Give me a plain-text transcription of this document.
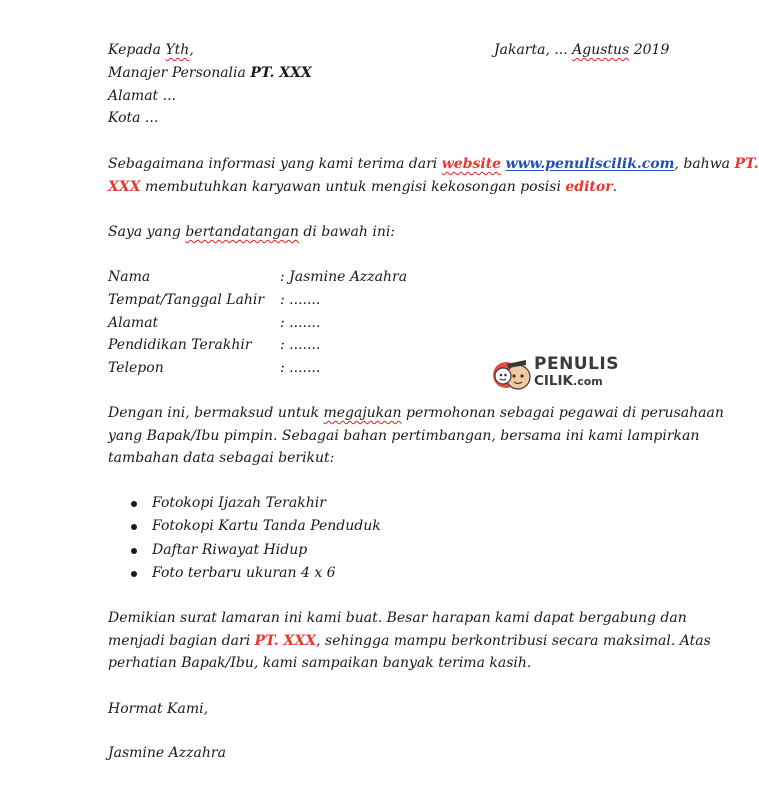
Kepada Yth,	Jakarta, ... Agustus 2019
Manajer Personalia PT. XXX
Alamat ...
Kota ...

Sebagaimana informasi yang kami terima dari website www.penuliscilik.com, bahwa PT.

XXX membutuhkan karyawan untuk mengisi kekosongan posisi editor.

Saya yang bertandatangan di bawah ini:
Nama	: Jasmine Azzahra
Tempat/Tanggal Lahir : .......
Alamat	: .......
Pendidikan Terakhir : .......
Telepon	: .......	PENULIS
CILIK.com

Dengan ini, bermaksud untuk megajukan permohonan sebagai pegawai di perusahaan

yang Bapak/Ibu pimpin. Sebagai bahan pertimbangan, bersama ini kami lampirkan

tambahan data sebagai berikut:

Fotokopi Ijazah Terakhir
Fotokopi Kartu Tanda Penduduk
Daftar Riwayat Hidup
Foto terbaru ukuran 4 x 6

Demikian surat lamaran ini kami buat. Besar harapan kami dapat bergabung dan

menjadi bagian dari PT. XXX, sehingga mampu berkontribusi secara maksimal. Atas

perhatian Bapak/Ibu, kami sampaikan banyak terima kasih.

Hormat Kami,
Jasmine Azzahra
